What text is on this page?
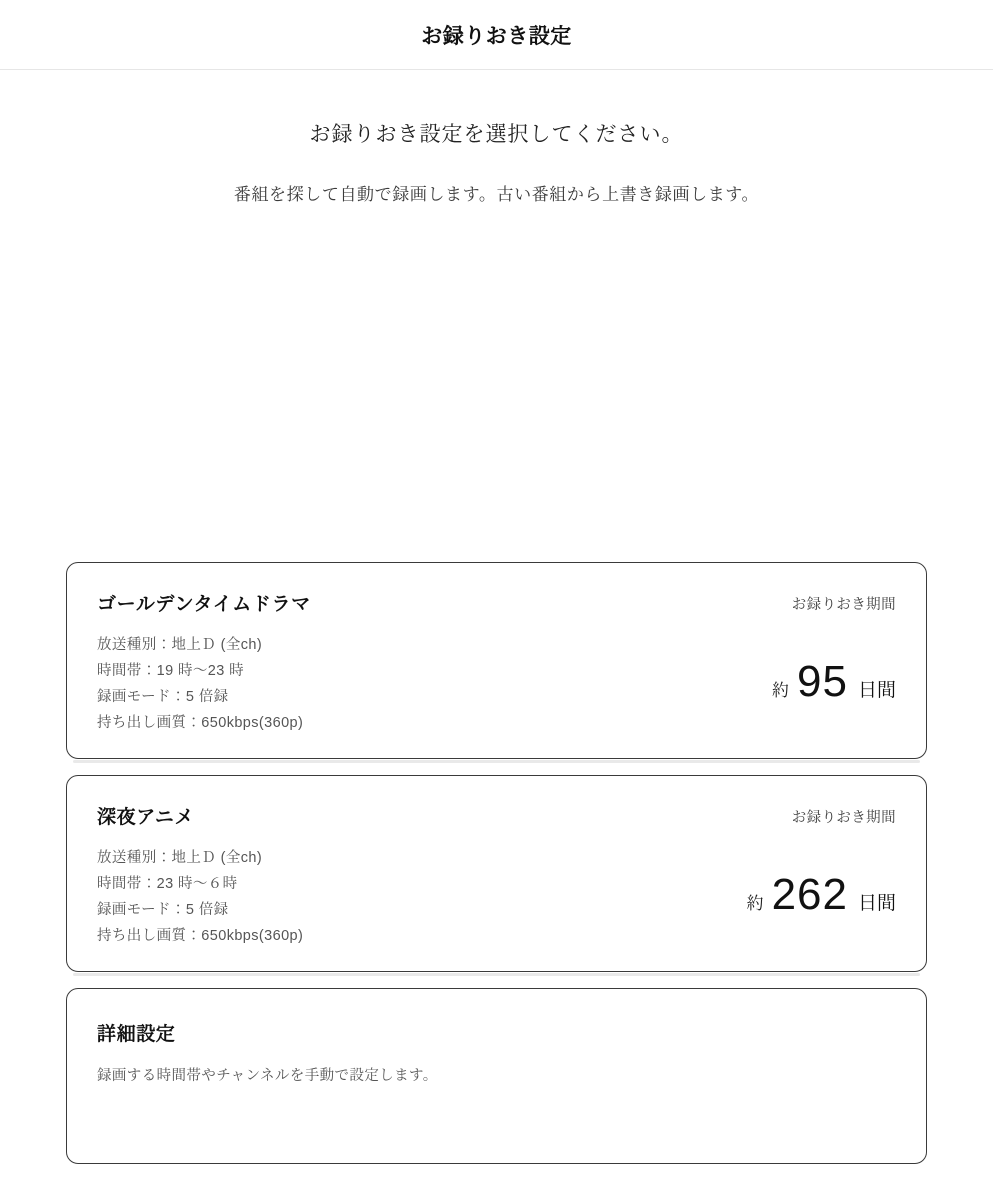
お録りおき設定

お録りおき設定を選択してください。

番組を探して自動で録画します。古い番組から上書き録画します。

ゴールデンタイムドラマ
放送種別：地上Ｄ (全ch)
時間帯：19 時〜23 時
録画モード：5 倍録
持ち出し画質：650kbps(360p)
お録りおき期間
約 95 日間
深夜アニメ
放送種別：地上Ｄ (全ch)
時間帯：23 時〜６時
録画モード：5 倍録
持ち出し画質：650kbps(360p)
お録りおき期間
約 262 日間
詳細設定

録画する時間帯やチャンネルを手動で設定します。
